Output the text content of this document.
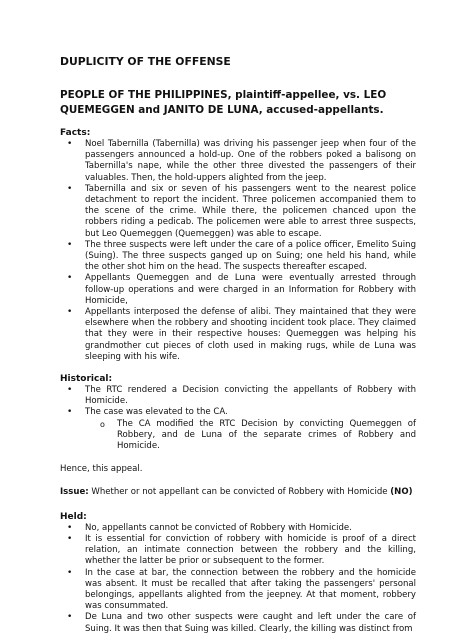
DUPLICITY OF THE OFFENSE
PEOPLE OF THE PHILIPPINES, plaintiff-appellee, vs. LEO QUEMEGGEN and JANITO DE LUNA, accused-appellants.
Facts:
• Noel Tabernilla (Tabernilla) was driving his passenger jeep when four of the passengers announced a hold-up. One of the robbers poked a balisong on Tabernilla's nape, while the other three divested the passengers of their valuables. Then, the hold-uppers alighted from the jeep.
• Tabernilla and six or seven of his passengers went to the nearest police detachment to report the incident. Three policemen accompanied them to the scene of the crime. While there, the policemen chanced upon the robbers riding a pedicab. The policemen were able to arrest three suspects, but Leo Quemeggen (Quemeggen) was able to escape.
• The three suspects were left under the care of a police officer, Emelito Suing (Suing). The three suspects ganged up on Suing; one held his hand, while the other shot him on the head. The suspects thereafter escaped.
• Appellants Quemeggen and de Luna were eventually arrested through follow-up operations and were charged in an Information for Robbery with Homicide,
• Appellants interposed the defense of alibi. They maintained that they were elsewhere when the robbery and shooting incident took place. They claimed that they were in their respective houses: Quemeggen was helping his grandmother cut pieces of cloth used in making rugs, while de Luna was sleeping with his wife.
Historical:
• The RTC rendered a Decision convicting the appellants of Robbery with Homicide.
• The case was elevated to the CA.
o The CA modified the RTC Decision by convicting Quemeggen of Robbery, and de Luna of the separate crimes of Robbery and Homicide.

Hence, this appeal.

Issue: Whether or not appellant can be convicted of Robbery with Homicide (NO)

Held:
• No, appellants cannot be convicted of Robbery with Homicide.
• It is essential for conviction of robbery with homicide is proof of a direct relation, an intimate connection between the robbery and the killing, whether the latter be prior or subsequent to the former.
• In the case at bar, the connection between the robbery and the homicide was absent. It must be recalled that after taking the passengers' personal belongings, appellants alighted from the jeepney. At that moment, robbery was consummated.
• De Luna and two other suspects were caught and left under the care of Suing. It was then that Suing was killed. Clearly, the killing was distinct from
